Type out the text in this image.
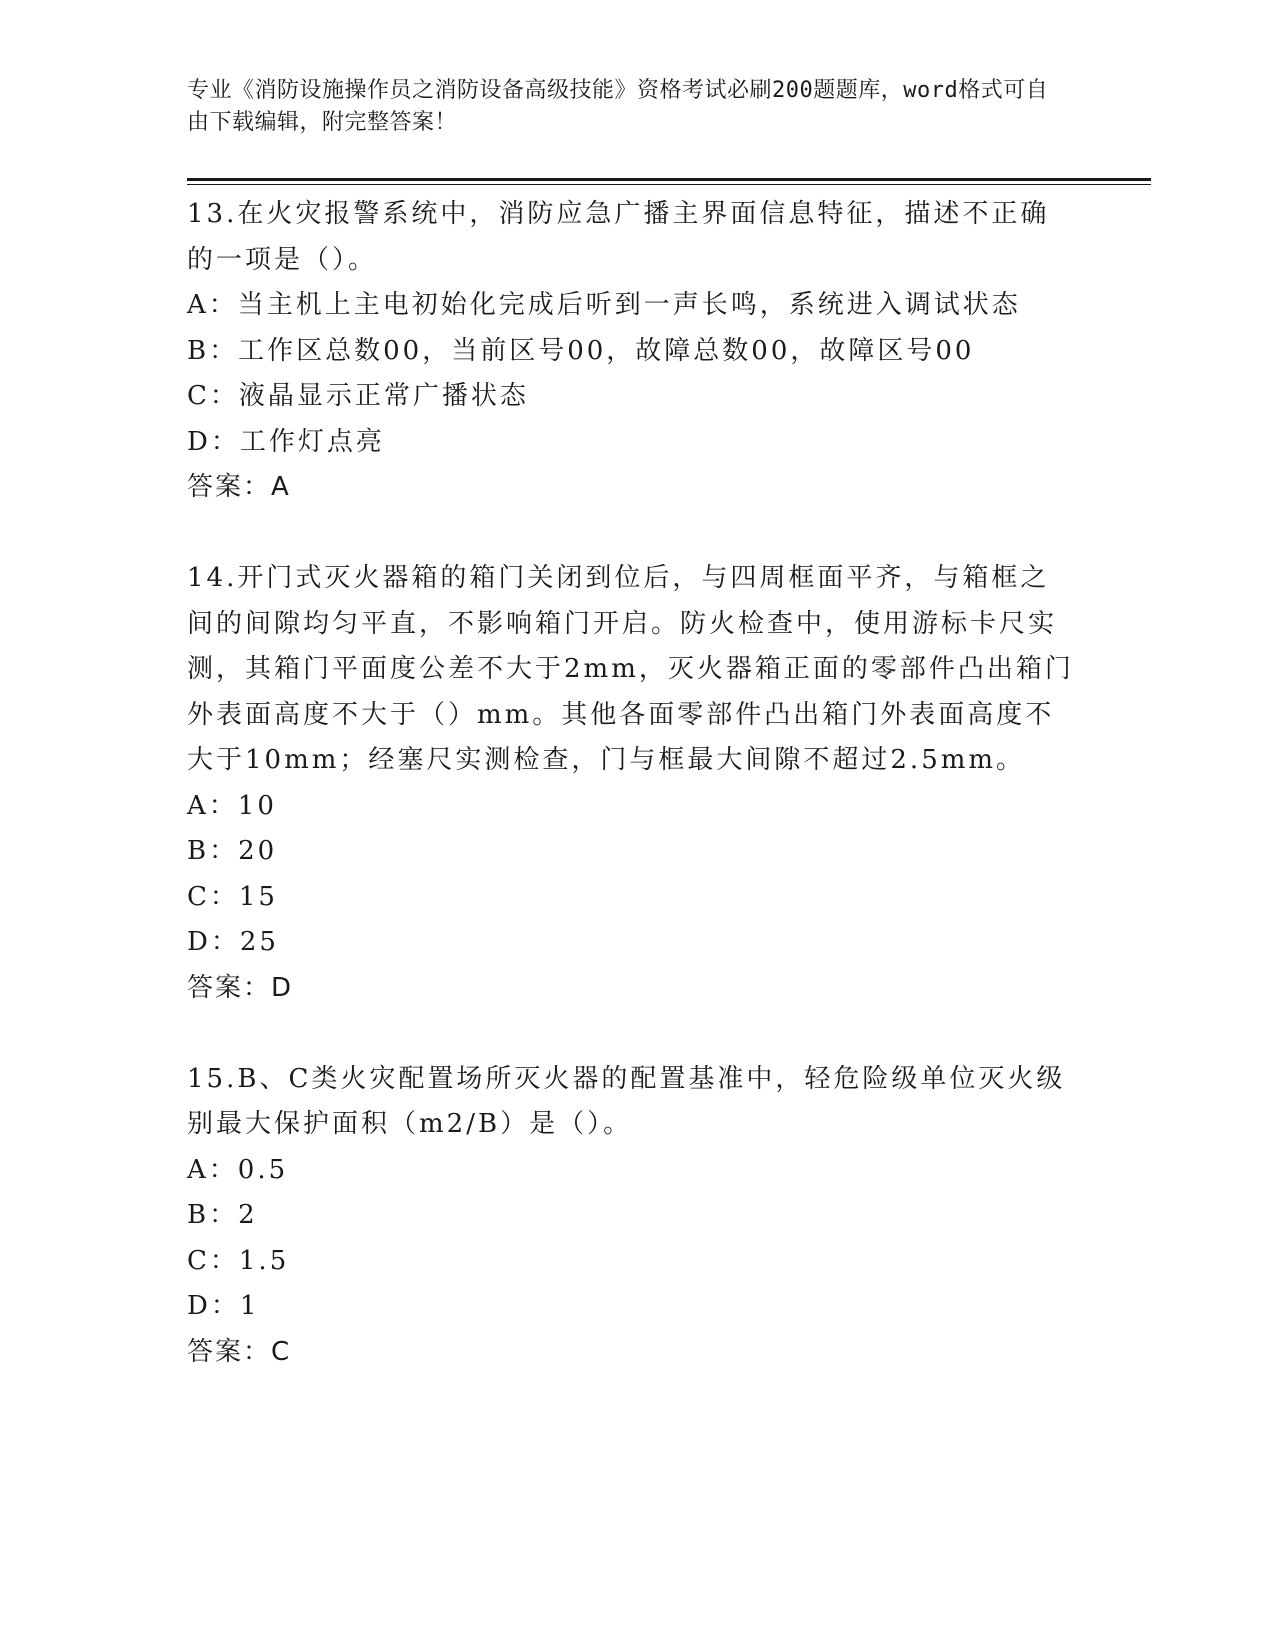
专业《消防设施操作员之消防设备高级技能》资格考试必刷200题题库，word格式可自由下载编辑，附完整答案！

13.在火灾报警系统中，消防应急广播主界面信息特征，描述不正确的一项是（）。

A：当主机上主电初始化完成后听到一声长鸣，系统进入调试状态

B：工作区总数00，当前区号00，故障总数00，故障区号00

C：液晶显示正常广播状态

D：工作灯点亮

答案：A

14.开门式灭火器箱的箱门关闭到位后，与四周框面平齐，与箱框之间的间隙均匀平直，不影响箱门开启。防火检查中，使用游标卡尺实测，其箱门平面度公差不大于2mm，灭火器箱正面的零部件凸出箱门外表面高度不大于（）mm。其他各面零部件凸出箱门外表面高度不大于10mm；经塞尺实测检查，门与框最大间隙不超过2.5mm。

A：10

B：20

C：15

D：25

答案：D

15.B、C类火灾配置场所灭火器的配置基准中，轻危险级单位灭火级别最大保护面积（m2/B）是（）。

A：0.5

B：2

C：1.5

D：1

答案：C
